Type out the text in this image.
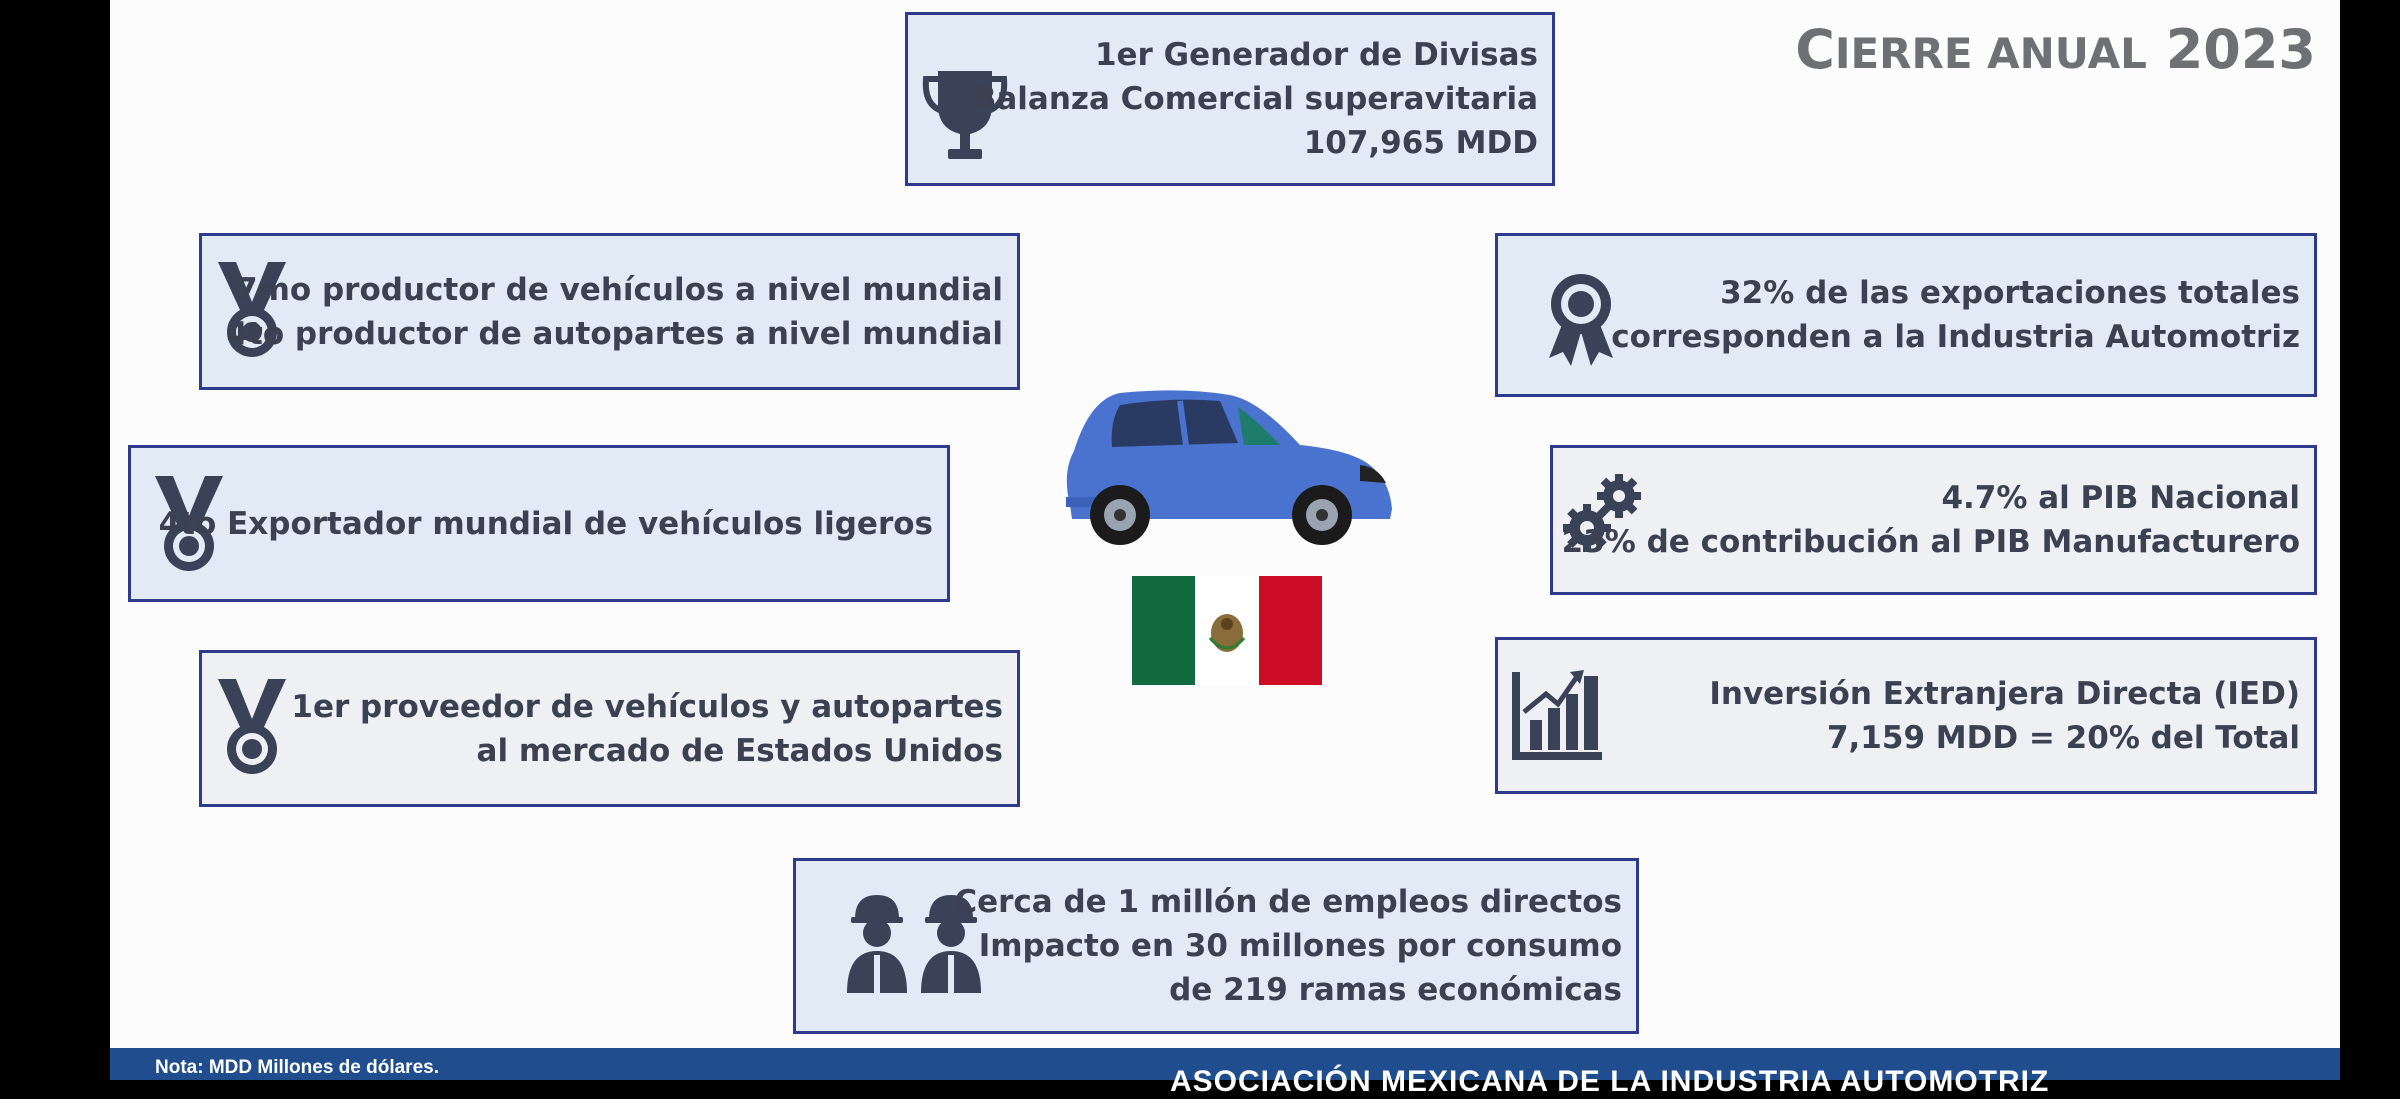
CIERRE ANUAL 2023
1er Generador de Divisas
Balanza Comercial superavitaria
107,965 MDD
7mo productor de vehículos a nivel mundial
4to productor de autopartes a nivel mundial
4to Exportador mundial de vehículos ligeros
1er proveedor de vehículos y autopartes
al mercado de Estados Unidos
32% de las exportaciones totales
corresponden a la Industria Automotriz
4.7% al PIB Nacional
23% de contribución al PIB Manufacturero
Inversión Extranjera Directa (IED)
7,159 MDD = 20% del Total
Cerca de 1 millón de empleos directos
Impacto en 30 millones por consumo
de 219 ramas económicas
Nota: MDD Millones de dólares.	ASOCIACIÓN MEXICANA DE LA INDUSTRIA AUTOMOTRIZ
